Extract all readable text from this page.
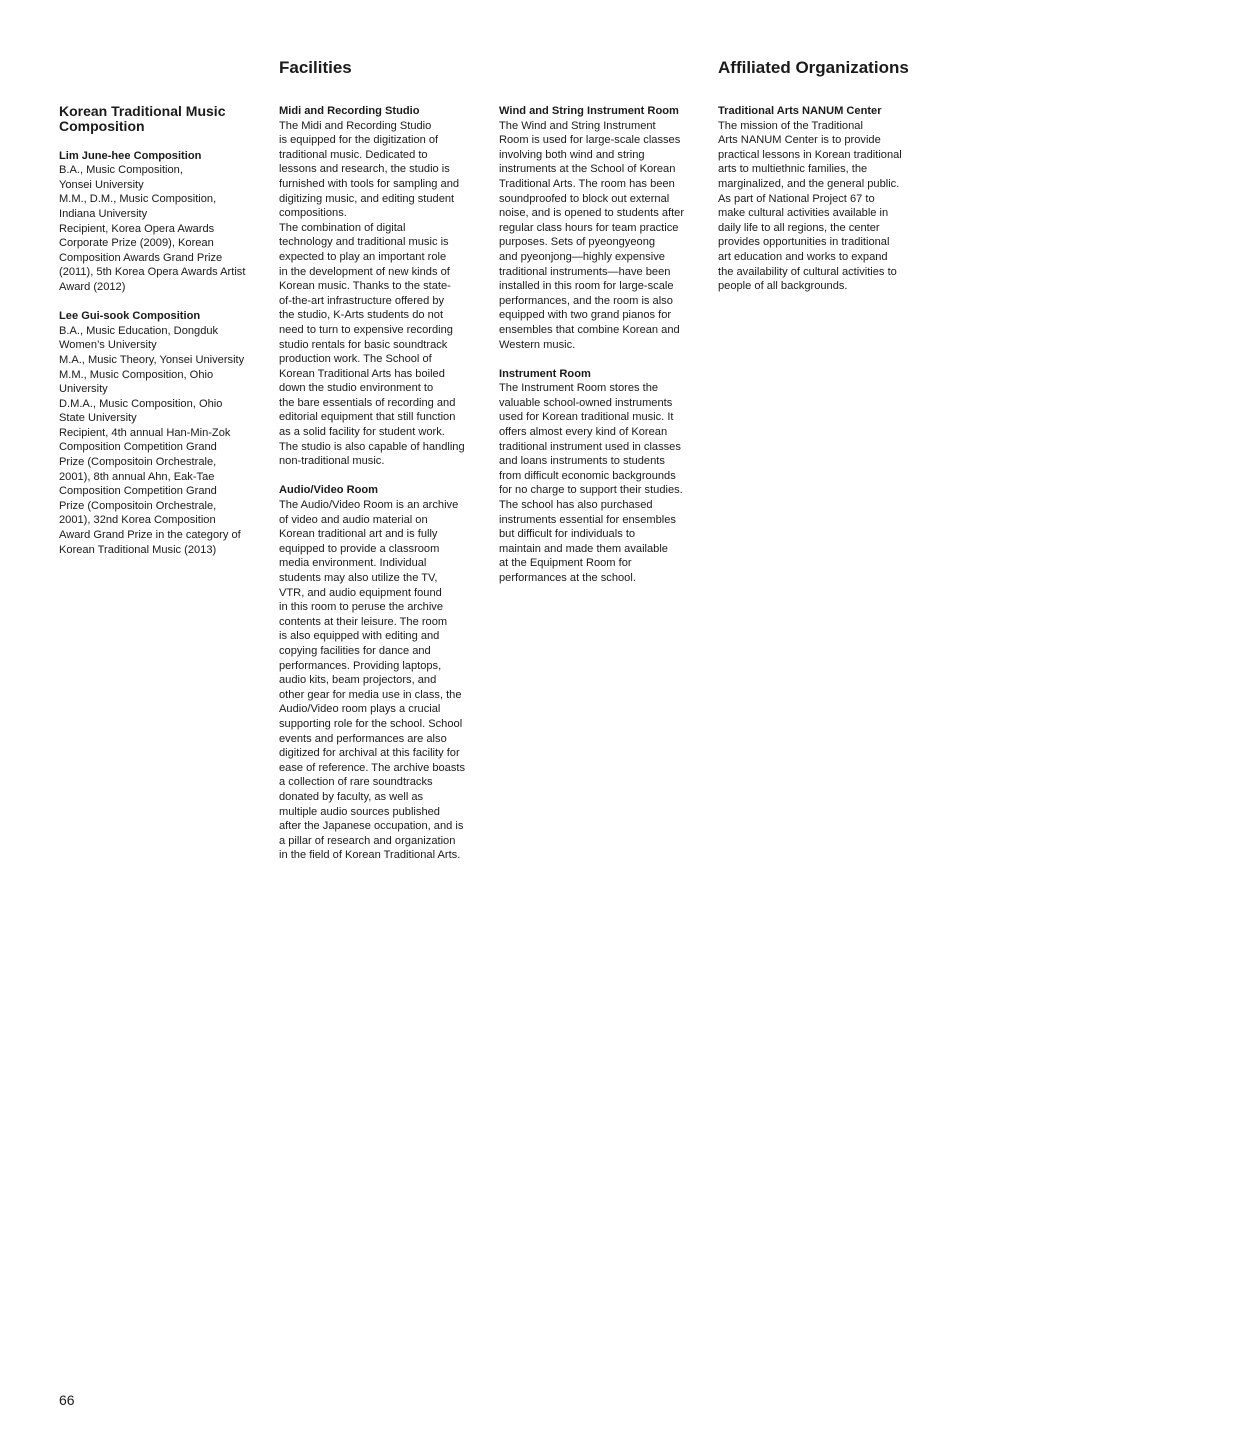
Facilities	Affiliated Organizations
Korean Traditional Music Composition

Lim June-hee Composition

B.A., Music Composition,

Yonsei University

M.M., D.M., Music Composition,

Indiana University

Recipient, Korea Opera Awards

Corporate Prize (2009), Korean

Composition Awards Grand Prize

(2011), 5th Korea Opera Awards Artist

Award (2012)

Lee Gui-sook Composition

B.A., Music Education, Dongduk

Women’s University

M.A., Music Theory, Yonsei University

M.M., Music Composition, Ohio

University

D.M.A., Music Composition, Ohio

State University

Recipient, 4th annual Han-Min-Zok

Composition Competition Grand

Prize (Compositoin Orchestrale,

2001), 8th annual Ahn, Eak-Tae

Composition Competition Grand

Prize (Compositoin Orchestrale,

2001), 32nd Korea Composition

Award Grand Prize in the category of

Korean Traditional Music (2013)

Midi and Recording Studio

The Midi and Recording Studio

is equipped for the digitization of

traditional music. Dedicated to

lessons and research, the studio is

furnished with tools for sampling and

digitizing music, and editing student

compositions.

The combination of digital

technology and traditional music is

expected to play an important role

in the development of new kinds of

Korean music. Thanks to the state-

of-the-art infrastructure offered by

the studio, K-Arts students do not

need to turn to expensive recording

studio rentals for basic soundtrack

production work. The School of

Korean Traditional Arts has boiled

down the studio environment to

the bare essentials of recording and

editorial equipment that still function

as a solid facility for student work.

The studio is also capable of handling

non-traditional music.

Audio/Video Room

The Audio/Video Room is an archive

of video and audio material on

Korean traditional art and is fully

equipped to provide a classroom

media environment. Individual

students may also utilize the TV,

VTR, and audio equipment found

in this room to peruse the archive

contents at their leisure. The room

is also equipped with editing and

copying facilities for dance and

performances. Providing laptops,

audio kits, beam projectors, and

other gear for media use in class, the

Audio/Video room plays a crucial

supporting role for the school. School

events and performances are also

digitized for archival at this facility for

ease of reference. The archive boasts

a collection of rare soundtracks

donated by faculty, as well as

multiple audio sources published

after the Japanese occupation, and is

a pillar of research and organization

in the field of Korean Traditional Arts.

Wind and String Instrument Room

The Wind and String Instrument

Room is used for large-scale classes

involving both wind and string

instruments at the School of Korean

Traditional Arts. The room has been

soundproofed to block out external

noise, and is opened to students after

regular class hours for team practice

purposes. Sets of pyeongyeong

and pyeonjong—highly expensive

traditional instruments—have been

installed in this room for large-scale

performances, and the room is also

equipped with two grand pianos for

ensembles that combine Korean and

Western music.

Instrument Room

The Instrument Room stores the

valuable school-owned instruments

used for Korean traditional music. It

offers almost every kind of Korean

traditional instrument used in classes

and loans instruments to students

from difficult economic backgrounds

for no charge to support their studies.

The school has also purchased

instruments essential for ensembles

but difficult for individuals to

maintain and made them available

at the Equipment Room for

performances at the school.

Traditional Arts NANUM Center

The mission of the Traditional

Arts NANUM Center is to provide

practical lessons in Korean traditional

arts to multiethnic families, the

marginalized, and the general public.

As part of National Project 67 to

make cultural activities available in

daily life to all regions, the center

provides opportunities in traditional

art education and works to expand

the availability of cultural activities to

people of all backgrounds.

66
